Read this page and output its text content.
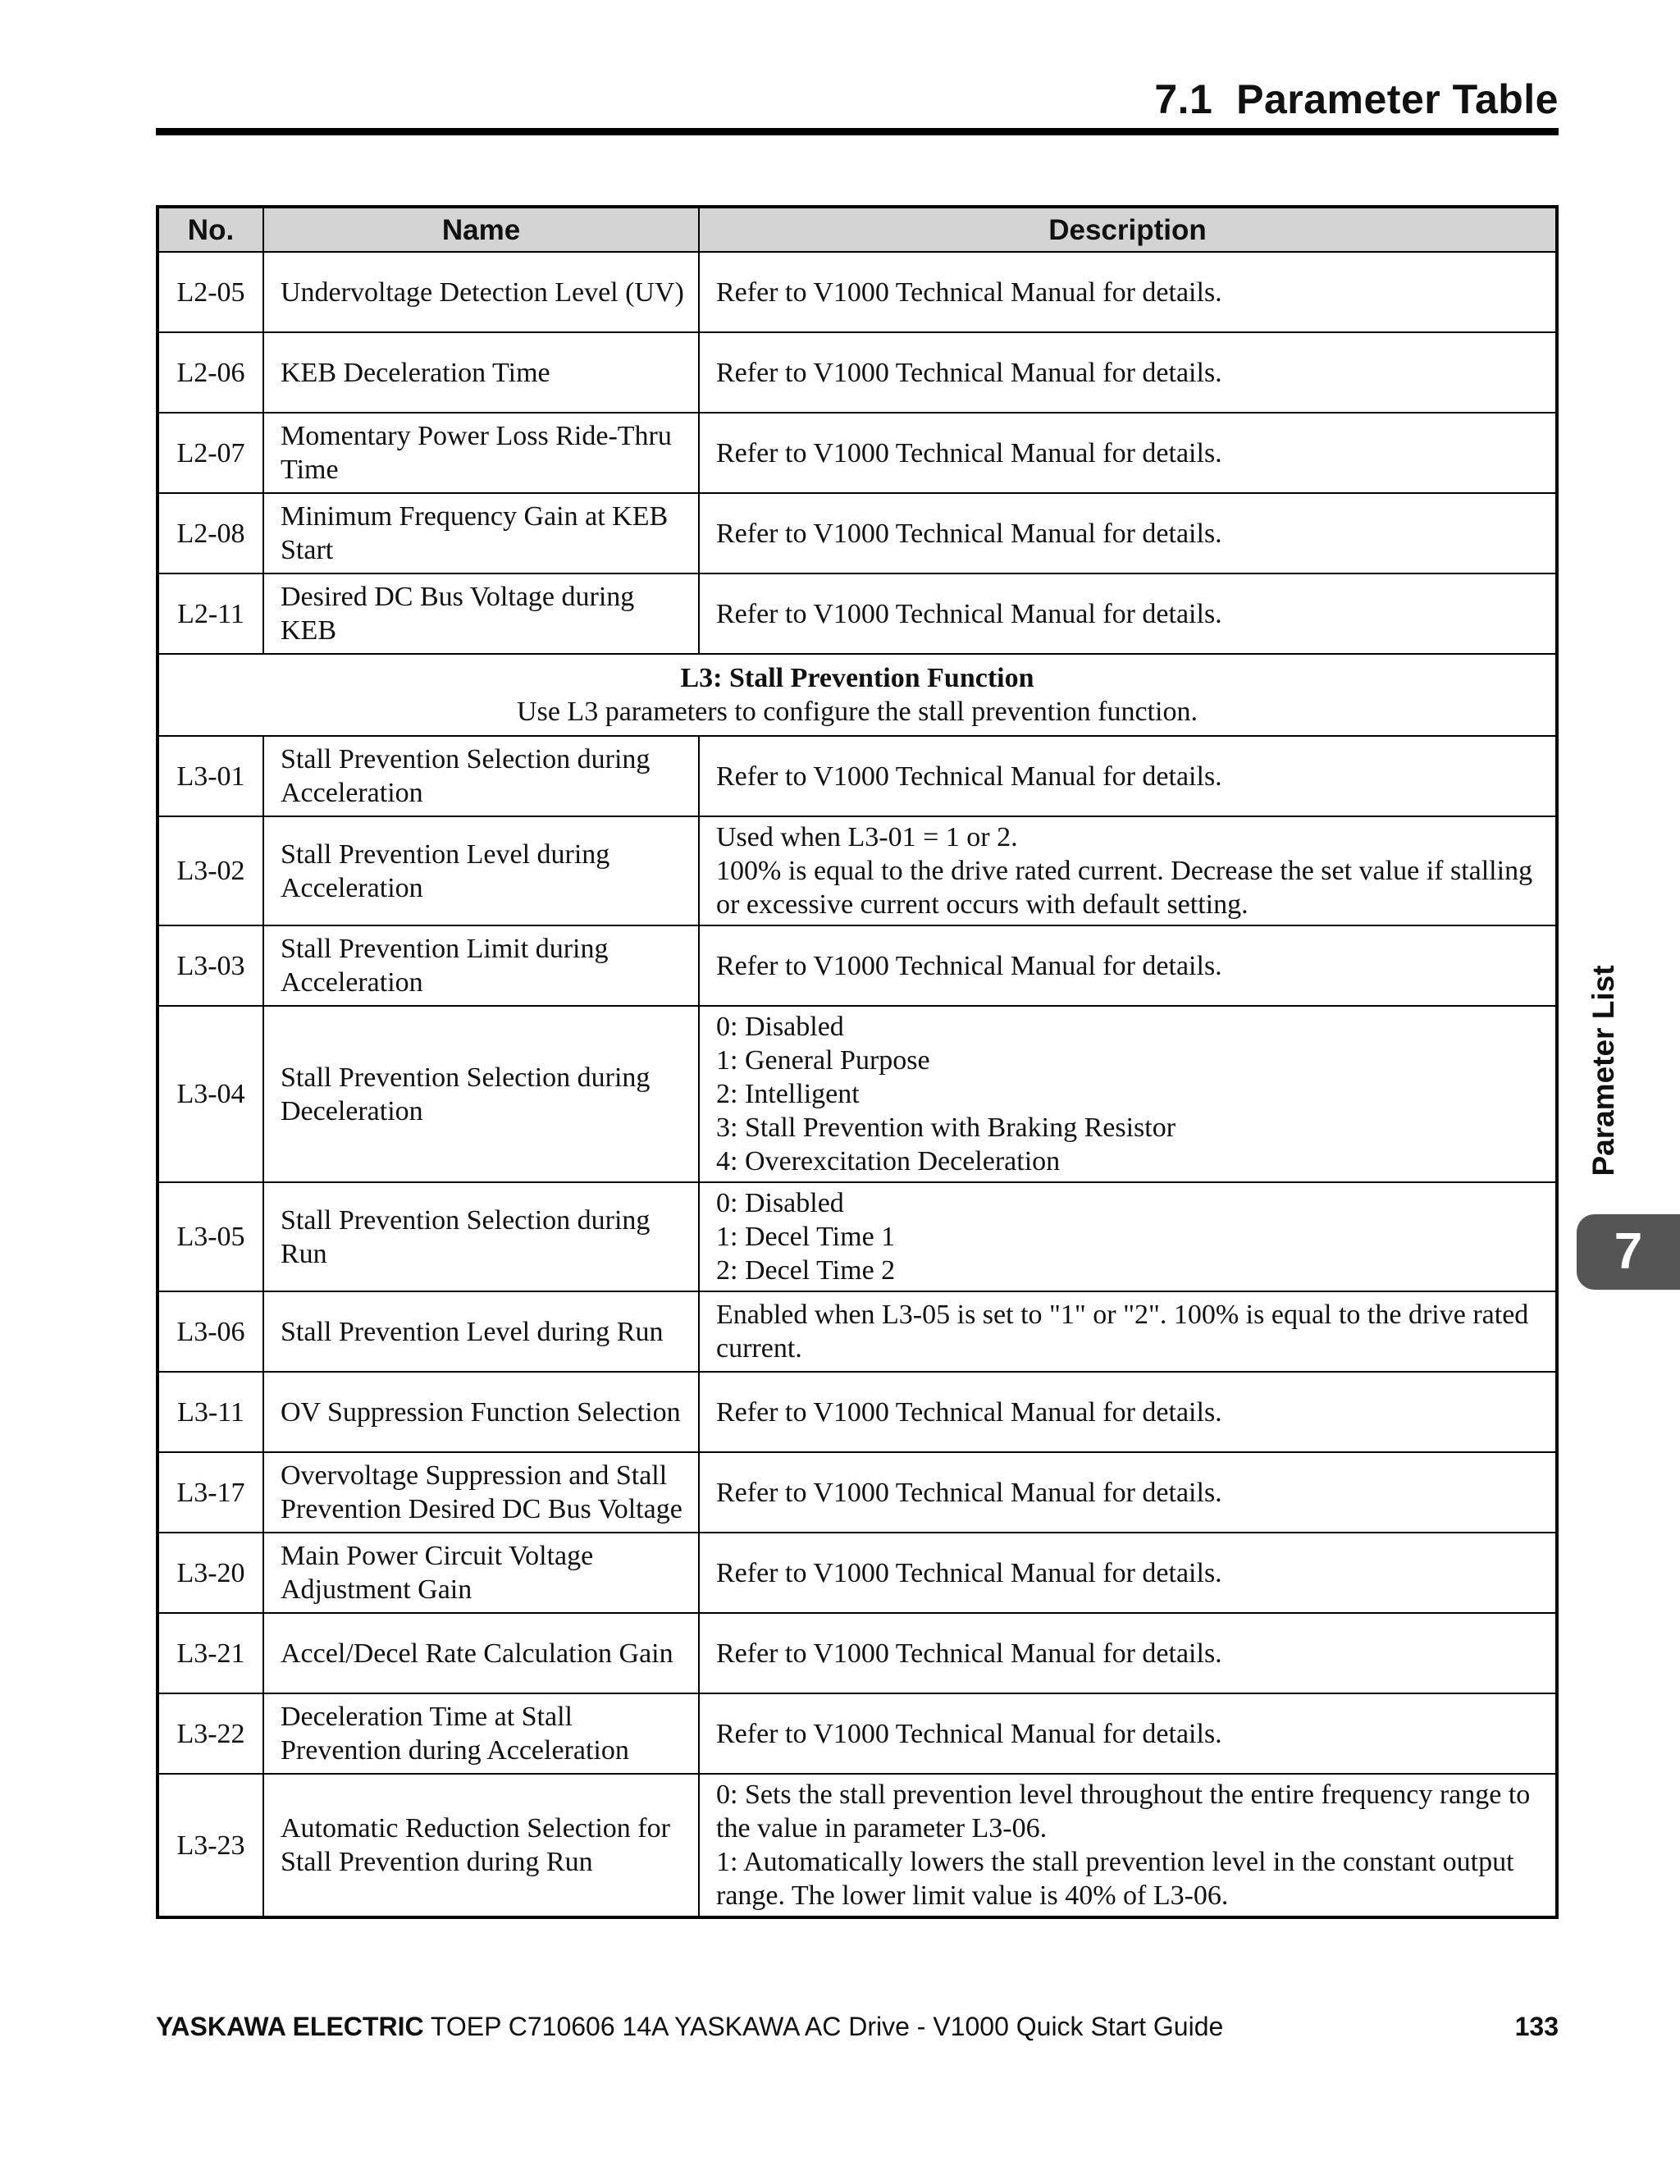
7.1  Parameter Table
No.	Name	Description
L2-05	Undervoltage Detection Level (UV)	Refer to V1000 Technical Manual for details.

L2-06	KEB Deceleration Time	Refer to V1000 Technical Manual for details.

L2-07	Momentary Power Loss Ride-Thru Time	Refer to V1000 Technical Manual for details.

L2-08	Minimum Frequency Gain at KEB Start	Refer to V1000 Technical Manual for details.

L2-11	Desired DC Bus Voltage during KEB	Refer to V1000 Technical Manual for details.

L3: Stall Prevention Function
Use L3 parameters to configure the stall prevention function.		

L3-01	Stall Prevention Selection during Acceleration	Refer to V1000 Technical Manual for details.

L3-02	Stall Prevention Level during Acceleration	Used when L3-01 = 1 or 2.
100% is equal to the drive rated current. Decrease the set value if stalling or excessive current occurs with default setting.

L3-03	Stall Prevention Limit during Acceleration	Refer to V1000 Technical Manual for details.

L3-04	Stall Prevention Selection during Deceleration	0: Disabled
1: General Purpose
2: Intelligent
3: Stall Prevention with Braking Resistor
4: Overexcitation Deceleration

L3-05	Stall Prevention Selection during Run	0: Disabled
1: Decel Time 1
2: Decel Time 2

L3-06	Stall Prevention Level during Run	Enabled when L3-05 is set to "1" or "2". 100% is equal to the drive rated current.

L3-11	OV Suppression Function Selection	Refer to V1000 Technical Manual for details.

L3-17	Overvoltage Suppression and Stall Prevention Desired DC Bus Voltage	Refer to V1000 Technical Manual for details.

L3-20	Main Power Circuit Voltage Adjustment Gain	Refer to V1000 Technical Manual for details.

L3-21	Accel/Decel Rate Calculation Gain	Refer to V1000 Technical Manual for details.

L3-22	Deceleration Time at Stall Prevention during Acceleration	Refer to V1000 Technical Manual for details.

L3-23	Automatic Reduction Selection for Stall Prevention during Run	0: Sets the stall prevention level throughout the entire frequency range to the value in parameter L3-06.
1: Automatically lowers the stall prevention level in the constant output range. The lower limit value is 40% of L3-06.
Parameter List
7
YASKAWA ELECTRIC TOEP C710606 14A YASKAWA AC Drive - V1000 Quick Start Guide	133
